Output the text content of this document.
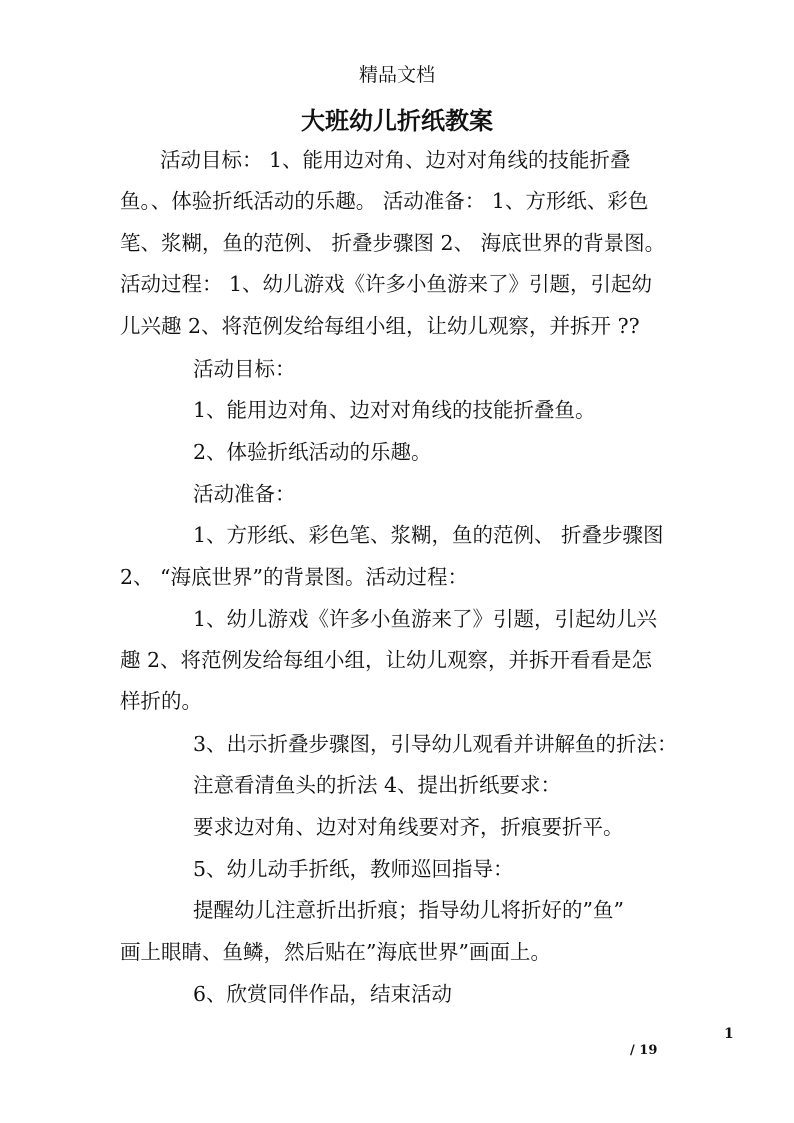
精品文档
大班幼儿折纸教案
活动目标： 1、能用边对角、边对对角线的技能折叠
鱼。、体验折纸活动的乐趣。 活动准备： 1、方形纸、彩色
笔、浆糊，鱼的范例、 折叠步骤图 2、 海底世界的背景图。
活动过程： 1、幼儿游戏《许多小鱼游来了》引题，引起幼
儿兴趣 2、将范例发给每组小组，让幼儿观察，并拆开 ??
活动目标：
1、能用边对角、边对对角线的技能折叠鱼。
2、体验折纸活动的乐趣。
活动准备：
1、方形纸、彩色笔、浆糊，鱼的范例、 折叠步骤图
2、 “海底世界”的背景图。活动过程：
1、幼儿游戏《许多小鱼游来了》引题，引起幼儿兴
趣 2、将范例发给每组小组，让幼儿观察，并拆开看看是怎
样折的。
3、出示折叠步骤图，引导幼儿观看并讲解鱼的折法：
注意看清鱼头的折法 4、提出折纸要求：
要求边对角、边对对角线要对齐，折痕要折平。
5、幼儿动手折纸，教师巡回指导：
提醒幼儿注意折出折痕；指导幼儿将折好的”鱼”
画上眼睛、鱼鳞，然后贴在”海底世界”画面上。
6、欣赏同伴作品，结束活动
1
/ 19
